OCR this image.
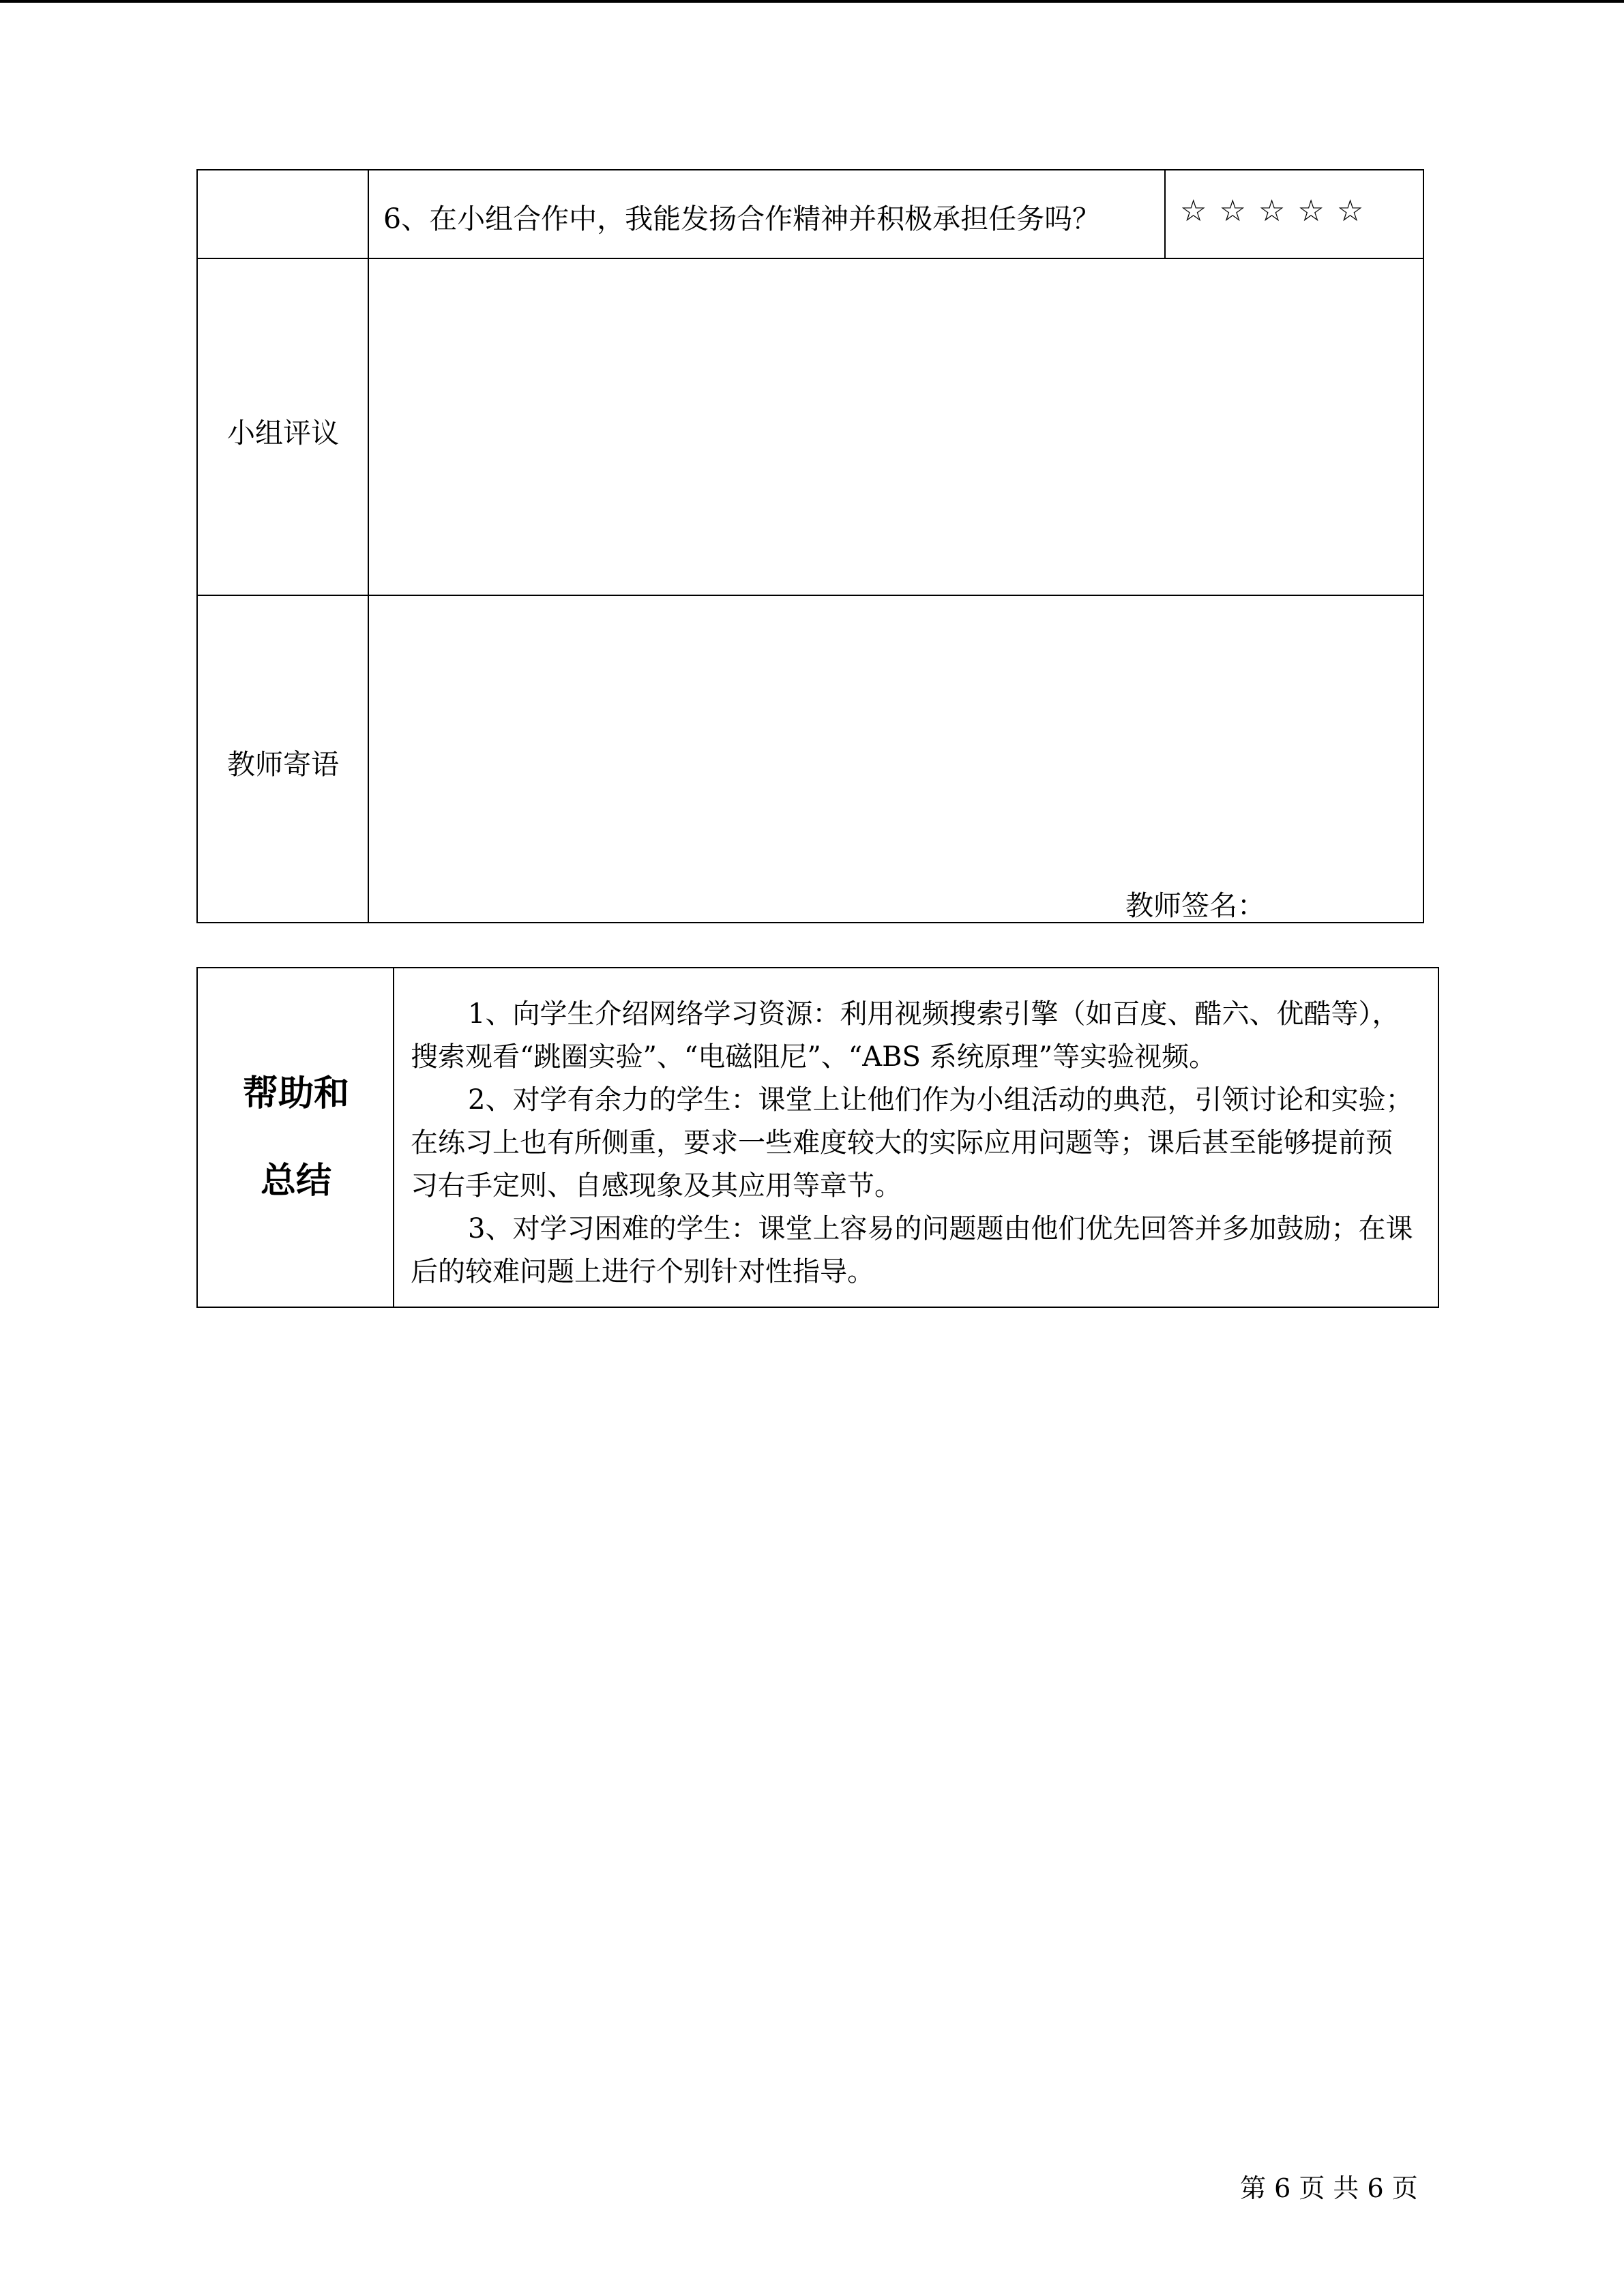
6、在小组合作中，我能发扬合作精神并积极承担任务吗？	☆ ☆ ☆ ☆ ☆
小组评议
教师寄语
教师签名：
帮助和
总结

1、向学生介绍网络学习资源：利用视频搜索引擎（如百度、酷六、优酷等），搜索观看“跳圈实验”、“电磁阻尼”、“ABS 系统原理”等实验视频。

2、对学有余力的学生：课堂上让他们作为小组活动的典范，引领讨论和实验；在练习上也有所侧重，要求一些难度较大的实际应用问题等；课后甚至能够提前预习右手定则、自感现象及其应用等章节。

3、对学习困难的学生：课堂上容易的问题题由他们优先回答并多加鼓励；在课后的较难问题上进行个别针对性指导。

第 6 页 共 6 页
